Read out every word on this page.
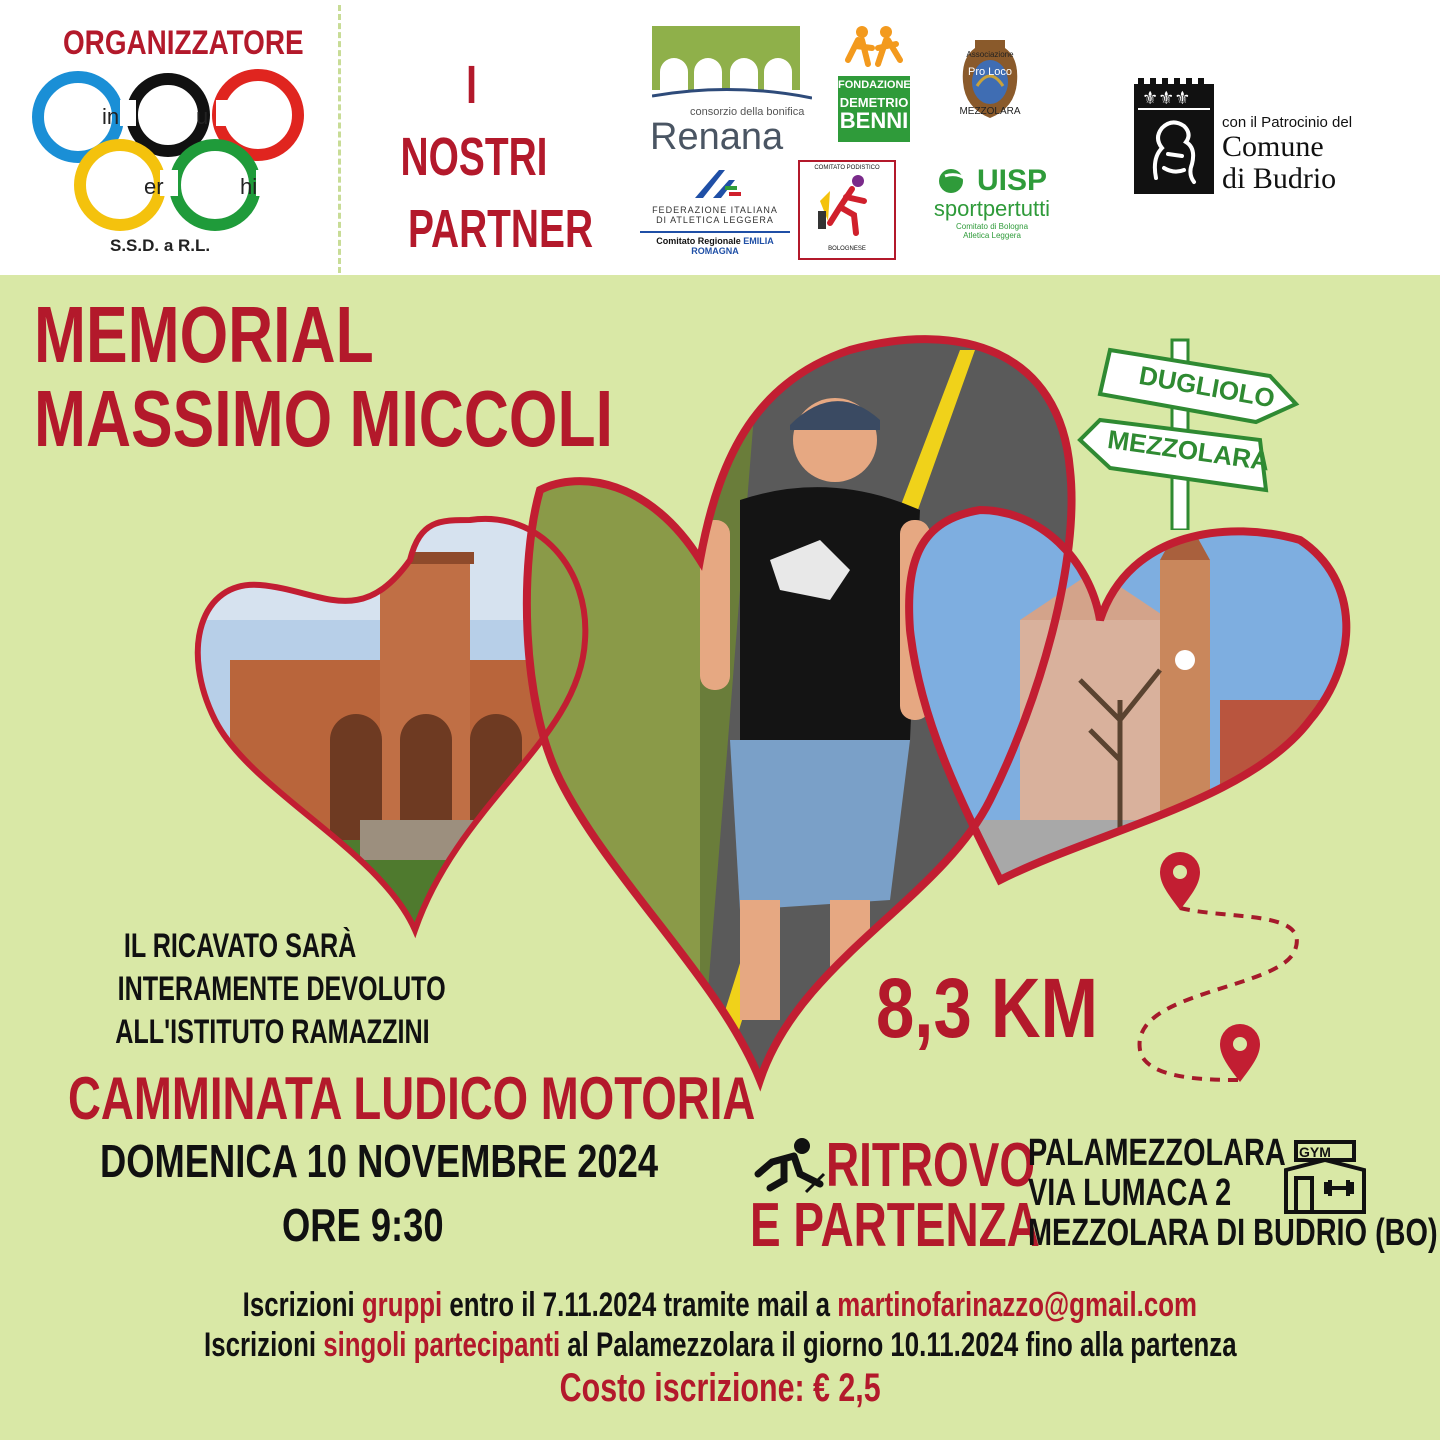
ORGANIZZATORE
in	u
er	hi
S.S.D. a R.L.
I
NOSTRI
PARTNER
consorzio della bonifica
Renana
FONDAZIONE
DEMETRIO
BENNI
Associazione
Pro Loco
MEZZOLARA
FEDERAZIONE ITALIANA
DI ATLETICA LEGGERA
Comitato Regionale EMILIA ROMAGNA
COMITATO PODISTICO
BOLOGNESE
UISP
sportpertutti
Comitato di Bologna
Atletica Leggera
⚜⚜⚜
con il Patrocinio del
Comune
di Budrio
MEMORIAL
MASSIMO MICCOLI	DUGLIOLO
MEZZOLARA
8,3 KM
IL RICAVATO SARÀ
INTERAMENTE DEVOLUTO
ALL'ISTITUTO RAMAZZINI
CAMMINATA LUDICO MOTORIA
DOMENICA 10 NOVEMBRE 2024
ORE 9:30
RITROVO
E PARTENZA
PALAMEZZOLARA
VIA LUMACA 2
MEZZOLARA DI BUDRIO (BO)
GYM
Iscrizioni gruppi entro il 7.11.2024 tramite mail a martinofarinazzo@gmail.com
Iscrizioni singoli partecipanti al Palamezzolara il giorno 10.11.2024 fino alla partenza
Costo iscrizione: € 2,5
